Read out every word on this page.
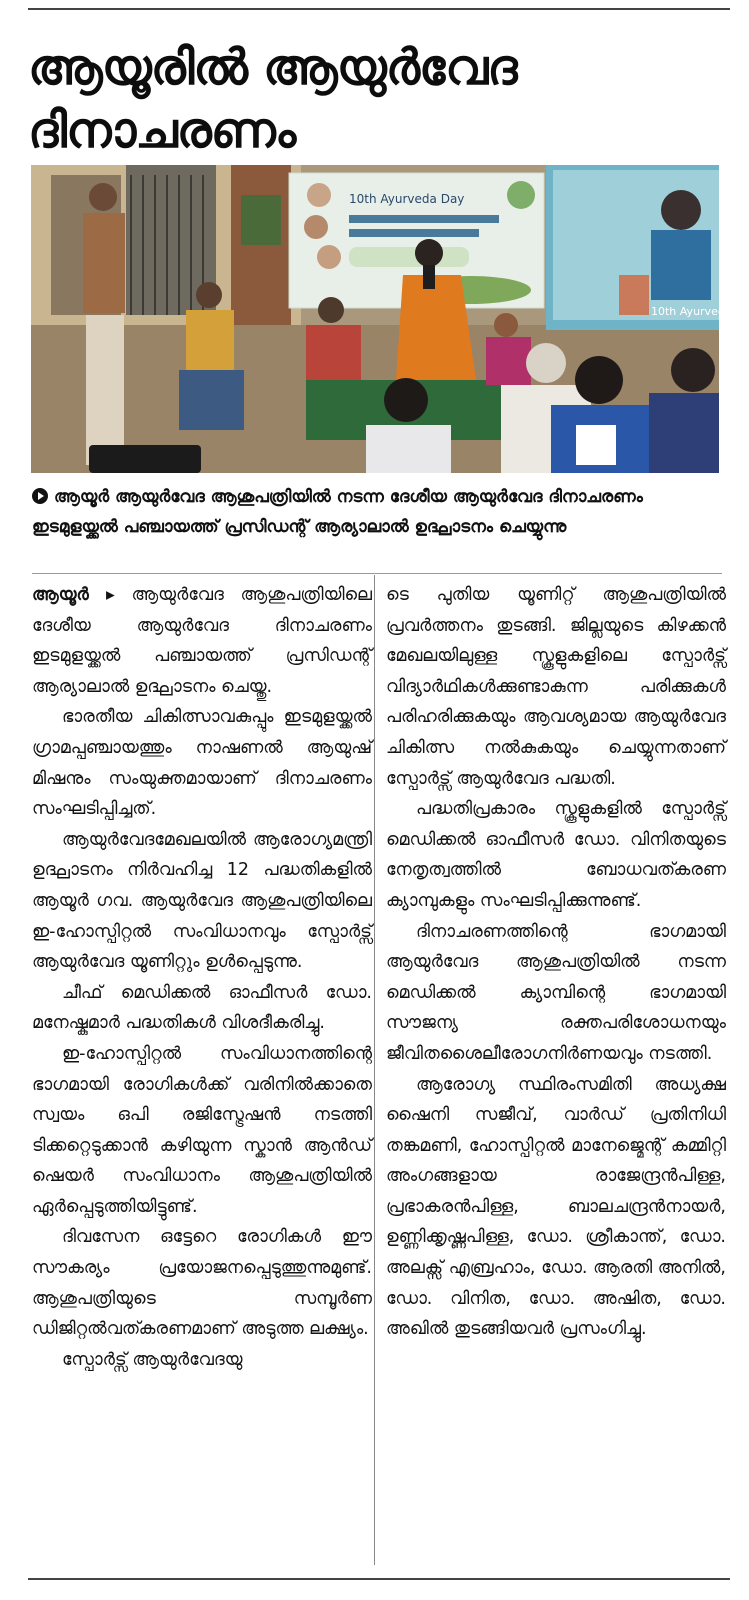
ആയൂരിൽ ആയുർവേദ
ദിനാചരണം
10th Ayurveda Day
10th Ayurveda
ആയൂർ ആയുർവേദ ആശുപത്രിയിൽ നടന്ന ദേശീയ ആയുർവേദ ദിനാചരണം ഇടമുളയ്ക്കൽ പഞ്ചായത്ത് പ്രസിഡന്റ് ആര്യാലാൽ ഉദ്ഘാടനം ചെയ്യുന്നു

ആയൂർ ▸ ആയുർവേദ ആശുപത്രിയിലെ ദേശീയ ആയുർവേദ ദിനാചരണം ഇടമുളയ്ക്കൽ പഞ്ചായത്ത് പ്രസിഡന്റ് ആര്യാലാൽ ഉദ്ഘാടനം ചെയ്തു.

ഭാരതീയ ചികിത്സാവകുപ്പും ഇടമുളയ്ക്കൽ ഗ്രാമപ്പഞ്ചായത്തും നാഷണൽ ആയുഷ് മിഷനും സംയുക്തമായാണ് ദിനാചരണം സംഘടിപ്പിച്ചത്.

ആയുർവേദമേഖലയിൽ ആരോഗ്യമന്ത്രി ഉദ്ഘാടനം നിർവഹിച്ച 12 പദ്ധതികളിൽ ആയൂർ ഗവ. ആയുർവേദ ആശുപത്രിയിലെ ഇ-ഹോസ്പിറ്റൽ സംവിധാനവും സ്പോർട്സ് ആയുർവേദ യൂണിറ്റും ഉൾപ്പെടുന്നു.

ചീഫ് മെഡിക്കൽ ഓഫീസർ ഡോ. മനേഷ്കുമാർ പദ്ധതികൾ വിശദീകരിച്ചു.

ഇ-ഹോസ്പിറ്റൽ സംവിധാനത്തിന്റെ ഭാഗമായി രോഗികൾക്ക് വരിനിൽക്കാതെ സ്വയം ഒപി രജിസ്ട്രേഷൻ നടത്തി ടിക്കറ്റെടുക്കാൻ കഴിയുന്ന സ്കാൻ ആൻഡ് ഷെയർ സംവിധാനം ആശുപത്രിയിൽ ഏർപ്പെടുത്തിയിട്ടുണ്ട്.

ദിവസേന ഒട്ടേറെ രോഗികൾ ഈ സൗകര്യം പ്രയോജനപ്പെടുത്തുന്നുമുണ്ട്. ആശുപത്രിയുടെ സമ്പൂർണ ഡിജിറ്റൽവത്കരണമാണ് അടുത്ത ലക്ഷ്യം.

സ്പോർട്സ് ആയുർവേദയു

ടെ പുതിയ യൂണിറ്റ് ആശുപത്രിയിൽ പ്രവർത്തനം തുടങ്ങി. ജില്ലയുടെ കിഴക്കൻ മേഖലയിലുള്ള സ്കൂളുകളിലെ സ്പോർട്സ് വിദ്യാർഥികൾക്കുണ്ടാകുന്ന പരിക്കുകൾ പരിഹരിക്കുകയും ആവശ്യമായ ആയുർവേദ ചികിത്സ നൽകുകയും ചെയ്യുന്നതാണ് സ്പോർട്സ് ആയുർവേദ പദ്ധതി.

പദ്ധതിപ്രകാരം സ്കൂളുകളിൽ സ്പോർട്സ് മെഡിക്കൽ ഓഫീസർ ഡോ. വിനിതയുടെ നേതൃത്വത്തിൽ ബോധവത്കരണ ക്യാമ്പുകളും സംഘടിപ്പിക്കുന്നുണ്ട്.

ദിനാചരണത്തിന്റെ ഭാഗമായി ആയുർവേദ ആശുപത്രിയിൽ നടന്ന മെഡിക്കൽ ക്യാമ്പിന്റെ ഭാഗമായി സൗജന്യ രക്തപരിശോധനയും ജീവിതശൈലീരോഗനിർണയവും നടത്തി.

ആരോഗ്യ സ്ഥിരംസമിതി അധ്യക്ഷ ഷൈനി സജീവ്, വാർഡ് പ്രതിനിധി തങ്കമണി, ഹോസ്പിറ്റൽ മാനേജ്മെന്റ് കമ്മിറ്റി അംഗങ്ങളായ രാജേന്ദ്രൻപിള്ള, പ്രഭാകരൻപിള്ള, ബാലചന്ദ്രൻനായർ, ഉണ്ണിക്കൃഷ്ണപിള്ള, ഡോ. ശ്രീകാന്ത്, ഡോ. അലക്സ് എബ്രഹാം, ഡോ. ആരതി അനിൽ, ഡോ. വിനിത, ഡോ. അഷിത, ഡോ. അഖിൽ തുടങ്ങിയവർ പ്രസംഗിച്ചു.
